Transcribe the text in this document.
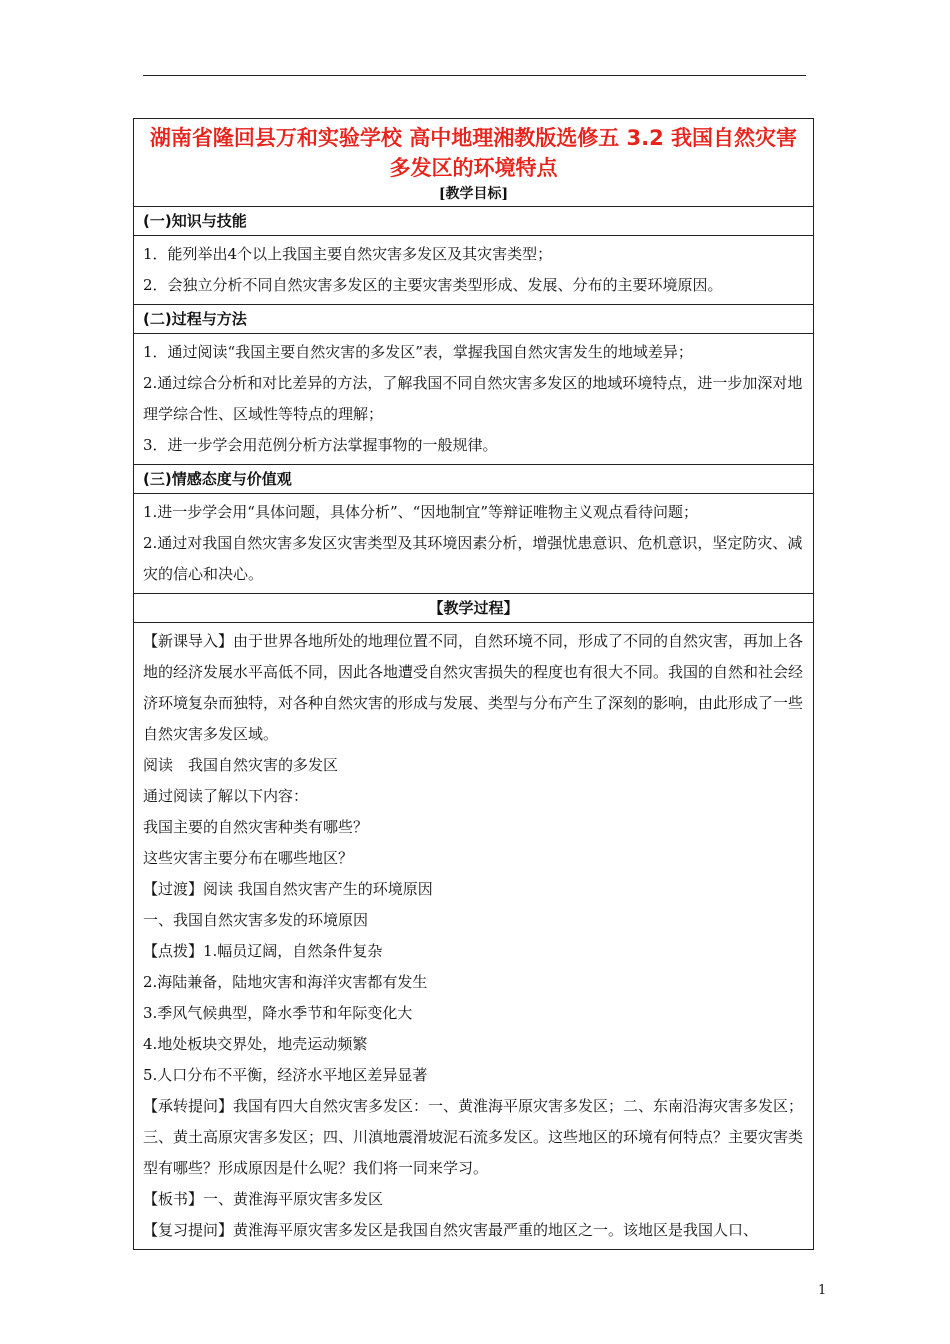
湖南省隆回县万和实验学校 高中地理湘教版选修五 3.2 我国自然灾害多发区的环境特点
[教学目标]

(一)知识与技能

1．能列举出4个以上我国主要自然灾害多发区及其灾害类型；

2．会独立分析不同自然灾害多发区的主要灾害类型形成、发展、分布的主要环境原因。

(二)过程与方法

1．通过阅读“我国主要自然灾害的多发区”表，掌握我国自然灾害发生的地域差异；

2.通过综合分析和对比差异的方法，了解我国不同自然灾害多发区的地域环境特点，进一步加深对地理学综合性、区域性等特点的理解；

3．进一步学会用范例分析方法掌握事物的一般规律。

(三)情感态度与价值观

1.进一步学会用“具体问题，具体分析”、“因地制宜”等辩证唯物主义观点看待问题；

2.通过对我国自然灾害多发区灾害类型及其环境因素分析，增强忧患意识、危机意识，坚定防灾、减灾的信心和决心。

【教学过程】

【新课导入】由于世界各地所处的地理位置不同，自然环境不同，形成了不同的自然灾害，再加上各地的经济发展水平高低不同，因此各地遭受自然灾害损失的程度也有很大不同。我国的自然和社会经济环境复杂而独特，对各种自然灾害的形成与发展、类型与分布产生了深刻的影响，由此形成了一些自然灾害多发区域。

阅读　我国自然灾害的多发区

通过阅读了解以下内容：

我国主要的自然灾害种类有哪些？

这些灾害主要分布在哪些地区？

【过渡】阅读 我国自然灾害产生的环境原因

一、我国自然灾害多发的环境原因

【点拨】1.幅员辽阔，自然条件复杂

2.海陆兼备，陆地灾害和海洋灾害都有发生

3.季风气候典型，降水季节和年际变化大

4.地处板块交界处，地壳运动频繁

5.人口分布不平衡，经济水平地区差异显著

【承转提问】我国有四大自然灾害多发区：一、黄淮海平原灾害多发区；二、东南沿海灾害多发区；三、黄土高原灾害多发区；四、川滇地震滑坡泥石流多发区。这些地区的环境有何特点？主要灾害类型有哪些？形成原因是什么呢？我们将一同来学习。

【板书】一、黄淮海平原灾害多发区

【复习提问】黄淮海平原灾害多发区是我国自然灾害最严重的地区之一。该地区是我国人口、

1
